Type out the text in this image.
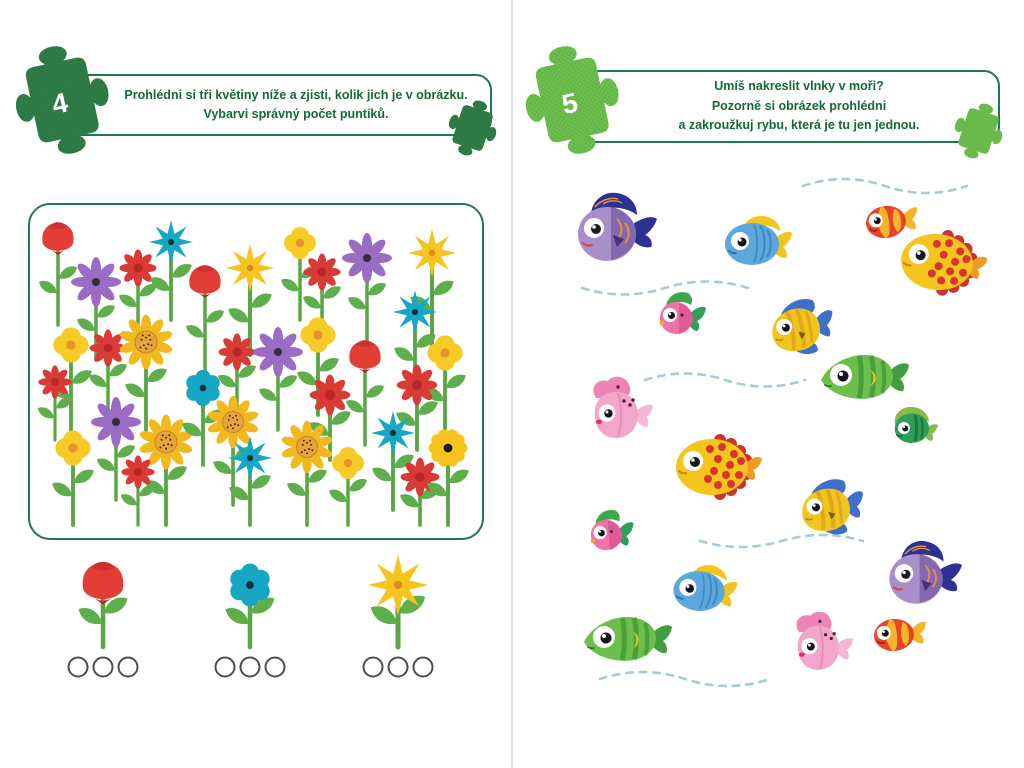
Prohlédni si tři květiny níže a zjisti, kolik jich je v obrázku.

Vybarvi správný počet puntíků.

4

Umíš nakreslit vlnky v moři?

Pozorně si obrázek prohlédni

a zakroužkuj rybu, která je tu jen jednou.

5
